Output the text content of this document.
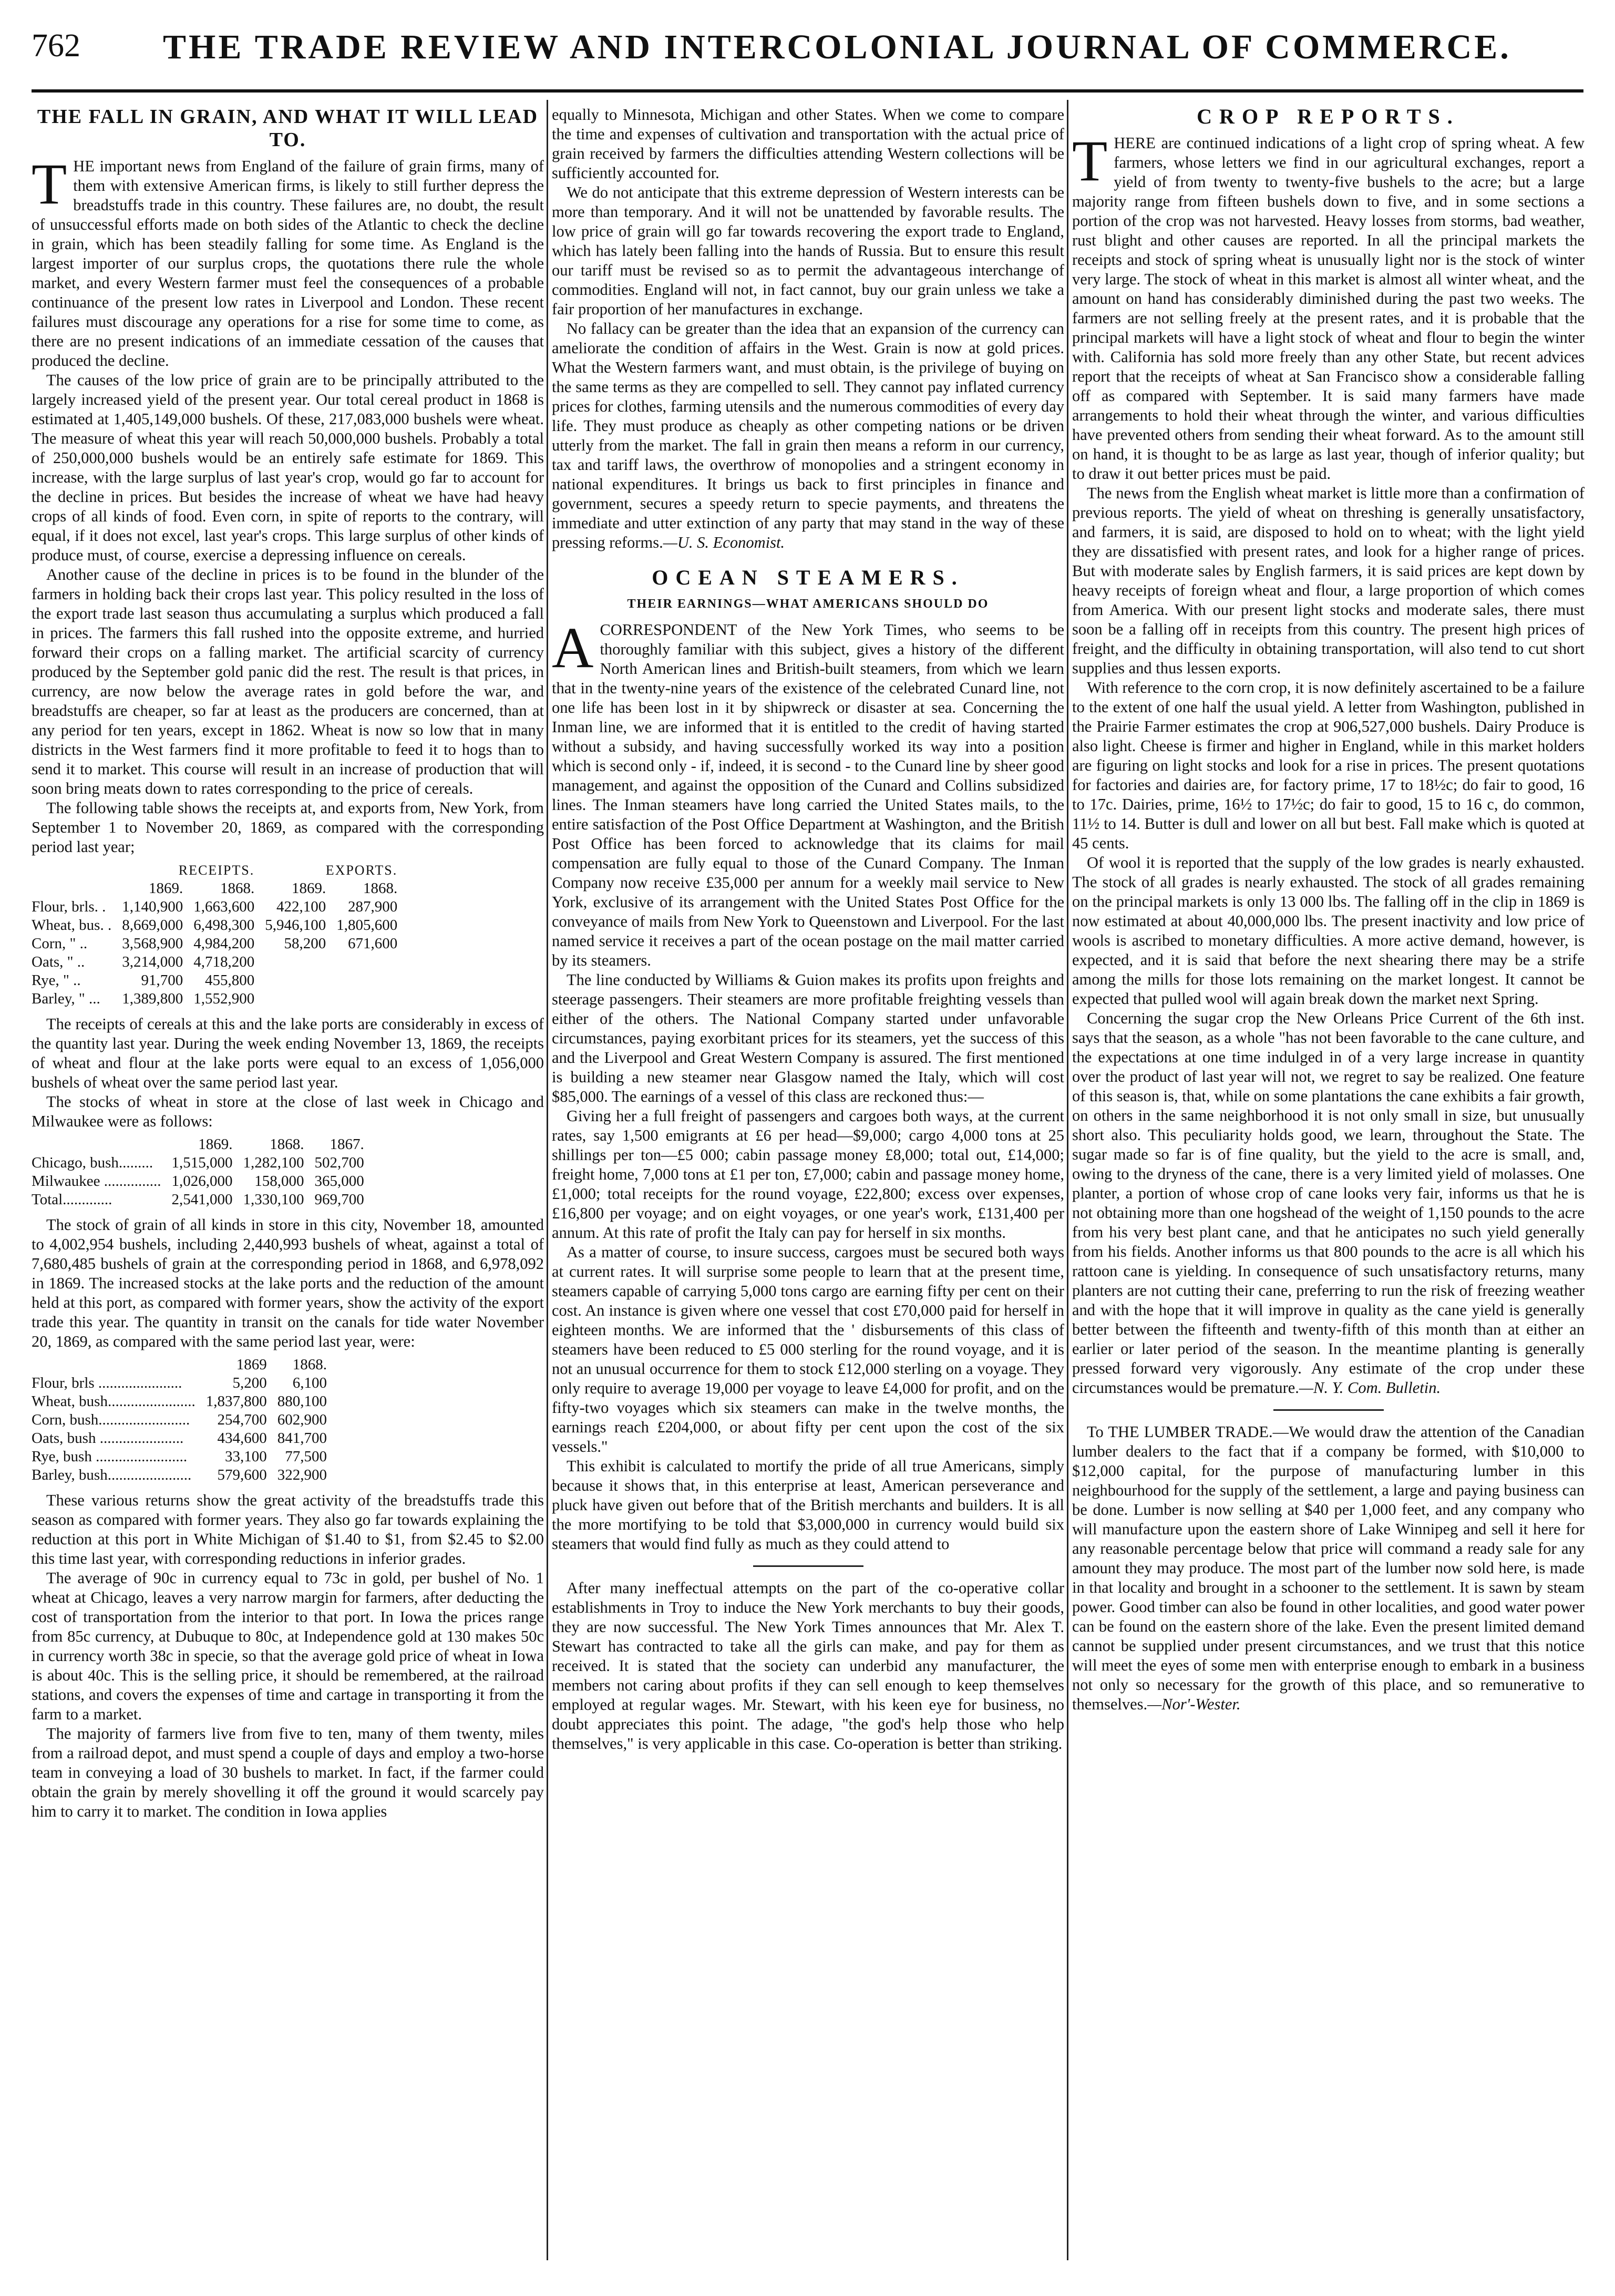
762 THE TRADE REVIEW AND INTERCOLONIAL JOURNAL OF COMMERCE.
THE FALL IN GRAIN, AND WHAT IT WILL LEAD TO.

THE important news from England of the failure of grain firms, many of them with extensive American firms, is likely to still further depress the breadstuffs trade in this country. These failures are, no doubt, the result of unsuccessful efforts made on both sides of the Atlantic to check the decline in grain, which has been steadily falling for some time. As England is the largest importer of our surplus crops, the quotations there rule the whole market, and every Western farmer must feel the consequences of a probable continuance of the present low rates in Liverpool and London. These recent failures must discourage any operations for a rise for some time to come, as there are no present indications of an immediate cessation of the causes that produced the decline.

The causes of the low price of grain are to be principally attributed to the largely increased yield of the present year. Our total cereal product in 1868 is estimated at 1,405,149,000 bushels. Of these, 217,083,000 bushels were wheat. The measure of wheat this year will reach 50,000,000 bushels. Probably a total of 250,000,000 bushels would be an entirely safe estimate for 1869. This increase, with the large surplus of last year's crop, would go far to account for the decline in prices. But besides the increase of wheat we have had heavy crops of all kinds of food. Even corn, in spite of reports to the contrary, will equal, if it does not excel, last year's crops. This large surplus of other kinds of produce must, of course, exercise a depressing influence on cereals.

Another cause of the decline in prices is to be found in the blunder of the farmers in holding back their crops last year. This policy resulted in the loss of the export trade last season thus accumulating a surplus which produced a fall in prices. The farmers this fall rushed into the opposite extreme, and hurried forward their crops on a falling market. The artificial scarcity of currency produced by the September gold panic did the rest. The result is that prices, in currency, are now below the average rates in gold before the war, and breadstuffs are cheaper, so far at least as the producers are concerned, than at any period for ten years, except in 1862. Wheat is now so low that in many districts in the West farmers find it more profitable to feed it to hogs than to send it to market. This course will result in an increase of production that will soon bring meats down to rates corresponding to the price of cereals.

The following table shows the receipts at, and exports from, New York, from September 1 to November 20, 1869, as compared with the corresponding period last year;

	RECEIPTS.		EXPORTS.	
	1869.	1868.	1869.	1868.
Flour, brls. .	1,140,900	1,663,600	422,100	287,900
Wheat, bus. .	8,669,000	6,498,300	5,946,100	1,805,600
Corn, " ..	3,568,900	4,984,200	58,200	671,600
Oats, " ..	3,214,000	4,718,200		
Rye, " ..	91,700	455,800		
Barley, " ...	1,389,800	1,552,900		

The receipts of cereals at this and the lake ports are considerably in excess of the quantity last year. During the week ending November 13, 1869, the receipts of wheat and flour at the lake ports were equal to an excess of 1,056,000 bushels of wheat over the same period last year.

The stocks of wheat in store at the close of last week in Chicago and Milwaukee were as follows:

	1869.	1868.	1867.
Chicago, bush.........	1,515,000	1,282,100	502,700
Milwaukee ...............	1,026,000	158,000	365,000
Total.............	2,541,000	1,330,100	969,700

The stock of grain of all kinds in store in this city, November 18, amounted to 4,002,954 bushels, including 2,440,993 bushels of wheat, against a total of 7,680,485 bushels of grain at the corresponding period in 1868, and 6,978,092 in 1869. The increased stocks at the lake ports and the reduction of the amount held at this port, as compared with former years, show the activity of the export trade this year. The quantity in transit on the canals for tide water November 20, 1869, as compared with the same period last year, were:

	1869	1868.
Flour, brls ......................	5,200	6,100
Wheat, bush.......................	1,837,800	880,100
Corn, bush........................	254,700	602,900
Oats, bush ......................	434,600	841,700
Rye, bush ........................	33,100	77,500
Barley, bush......................	579,600	322,900

These various returns show the great activity of the breadstuffs trade this season as compared with former years. They also go far towards explaining the reduction at this port in White Michigan of $1.40 to $1, from $2.45 to $2.00 this time last year, with corresponding reductions in inferior grades.

The average of 90c in currency equal to 73c in gold, per bushel of No. 1 wheat at Chicago, leaves a very narrow margin for farmers, after deducting the cost of transportation from the interior to that port. In Iowa the prices range from 85c currency, at Dubuque to 80c, at Independence gold at 130 makes 50c in currency worth 38c in specie, so that the average gold price of wheat in Iowa is about 40c. This is the selling price, it should be remembered, at the railroad stations, and covers the expenses of time and cartage in transporting it from the farm to a market.

The majority of farmers live from five to ten, many of them twenty, miles from a railroad depot, and must spend a couple of days and employ a two-horse team in conveying a load of 30 bushels to market. In fact, if the farmer could obtain the grain by merely shovelling it off the ground it would scarcely pay him to carry it to market. The condition in Iowa applies

equally to Minnesota, Michigan and other States. When we come to compare the time and expenses of cultivation and transportation with the actual price of grain received by farmers the difficulties attending Western collections will be sufficiently accounted for.

We do not anticipate that this extreme depression of Western interests can be more than temporary. And it will not be unattended by favorable results. The low price of grain will go far towards recovering the export trade to England, which has lately been falling into the hands of Russia. But to ensure this result our tariff must be revised so as to permit the advantageous interchange of commodities. England will not, in fact cannot, buy our grain unless we take a fair proportion of her manufactures in exchange.

No fallacy can be greater than the idea that an expansion of the currency can ameliorate the condition of affairs in the West. Grain is now at gold prices. What the Western farmers want, and must obtain, is the privilege of buying on the same terms as they are compelled to sell. They cannot pay inflated currency prices for clothes, farming utensils and the numerous commodities of every day life. They must produce as cheaply as other competing nations or be driven utterly from the market. The fall in grain then means a reform in our currency, tax and tariff laws, the overthrow of monopolies and a stringent economy in national expenditures. It brings us back to first principles in finance and government, secures a speedy return to specie payments, and threatens the immediate and utter extinction of any party that may stand in the way of these pressing reforms.—U. S. Economist.

OCEAN STEAMERS.
THEIR EARNINGS—WHAT AMERICANS SHOULD DO

ACORRESPONDENT of the New York Times, who seems to be thoroughly familiar with this subject, gives a history of the different North American lines and British-built steamers, from which we learn that in the twenty-nine years of the existence of the celebrated Cunard line, not one life has been lost in it by shipwreck or disaster at sea. Concerning the Inman line, we are informed that it is entitled to the credit of having started without a subsidy, and having successfully worked its way into a position which is second only - if, indeed, it is second - to the Cunard line by sheer good management, and against the opposition of the Cunard and Collins subsidized lines. The Inman steamers have long carried the United States mails, to the entire satisfaction of the Post Office Department at Washington, and the British Post Office has been forced to acknowledge that its claims for mail compensation are fully equal to those of the Cunard Company. The Inman Company now receive £35,000 per annum for a weekly mail service to New York, exclusive of its arrangement with the United States Post Office for the conveyance of mails from New York to Queenstown and Liverpool. For the last named service it receives a part of the ocean postage on the mail matter carried by its steamers.

The line conducted by Williams & Guion makes its profits upon freights and steerage passengers. Their steamers are more profitable freighting vessels than either of the others. The National Company started under unfavorable circumstances, paying exorbitant prices for its steamers, yet the success of this and the Liverpool and Great Western Company is assured. The first mentioned is building a new steamer near Glasgow named the Italy, which will cost $85,000. The earnings of a vessel of this class are reckoned thus:—

Giving her a full freight of passengers and cargoes both ways, at the current rates, say 1,500 emigrants at £6 per head—$9,000; cargo 4,000 tons at 25 shillings per ton—£5 000; cabin passage money £8,000; total out, £14,000; freight home, 7,000 tons at £1 per ton, £7,000; cabin and passage money home, £1,000; total receipts for the round voyage, £22,800; excess over expenses, £16,800 per voyage; and on eight voyages, or one year's work, £131,400 per annum. At this rate of profit the Italy can pay for herself in six months.

As a matter of course, to insure success, cargoes must be secured both ways at current rates. It will surprise some people to learn that at the present time, steamers capable of carrying 5,000 tons cargo are earning fifty per cent on their cost. An instance is given where one vessel that cost £70,000 paid for herself in eighteen months. We are informed that the ' disbursements of this class of steamers have been reduced to £5 000 sterling for the round voyage, and it is not an unusual occurrence for them to stock £12,000 sterling on a voyage. They only require to average 19,000 per voyage to leave £4,000 for profit, and on the fifty-two voyages which six steamers can make in the twelve months, the earnings reach £204,000, or about fifty per cent upon the cost of the six vessels."

This exhibit is calculated to mortify the pride of all true Americans, simply because it shows that, in this enterprise at least, American perseverance and pluck have given out before that of the British merchants and builders. It is all the more mortifying to be told that $3,000,000 in currency would build six steamers that would find fully as much as they could attend to

After many ineffectual attempts on the part of the co-operative collar establishments in Troy to induce the New York merchants to buy their goods, they are now successful. The New York Times announces that Mr. Alex T. Stewart has contracted to take all the girls can make, and pay for them as received. It is stated that the society can underbid any manufacturer, the members not caring about profits if they can sell enough to keep themselves employed at regular wages. Mr. Stewart, with his keen eye for business, no doubt appreciates this point. The adage, "the god's help those who help themselves," is very applicable in this case. Co-operation is better than striking.

CROP REPORTS.

THERE are continued indications of a light crop of spring wheat. A few farmers, whose letters we find in our agricultural exchanges, report a yield of from twenty to twenty-five bushels to the acre; but a large majority range from fifteen bushels down to five, and in some sections a portion of the crop was not harvested. Heavy losses from storms, bad weather, rust blight and other causes are reported. In all the principal markets the receipts and stock of spring wheat is unusually light nor is the stock of winter very large. The stock of wheat in this market is almost all winter wheat, and the amount on hand has considerably diminished during the past two weeks. The farmers are not selling freely at the present rates, and it is probable that the principal markets will have a light stock of wheat and flour to begin the winter with. California has sold more freely than any other State, but recent advices report that the receipts of wheat at San Francisco show a considerable falling off as compared with September. It is said many farmers have made arrangements to hold their wheat through the winter, and various difficulties have prevented others from sending their wheat forward. As to the amount still on hand, it is thought to be as large as last year, though of inferior quality; but to draw it out better prices must be paid.

The news from the English wheat market is little more than a confirmation of previous reports. The yield of wheat on threshing is generally unsatisfactory, and farmers, it is said, are disposed to hold on to wheat; with the light yield they are dissatisfied with present rates, and look for a higher range of prices. But with moderate sales by English farmers, it is said prices are kept down by heavy receipts of foreign wheat and flour, a large proportion of which comes from America. With our present light stocks and moderate sales, there must soon be a falling off in receipts from this country. The present high prices of freight, and the difficulty in obtaining transportation, will also tend to cut short supplies and thus lessen exports.

With reference to the corn crop, it is now definitely ascertained to be a failure to the extent of one half the usual yield. A letter from Washington, published in the Prairie Farmer estimates the crop at 906,527,000 bushels. Dairy Produce is also light. Cheese is firmer and higher in England, while in this market holders are figuring on light stocks and look for a rise in prices. The present quotations for factories and dairies are, for factory prime, 17 to 18½c; do fair to good, 16 to 17c. Dairies, prime, 16½ to 17½c; do fair to good, 15 to 16 c, do common, 11½ to 14. Butter is dull and lower on all but best. Fall make which is quoted at 45 cents.

Of wool it is reported that the supply of the low grades is nearly exhausted. The stock of all grades is nearly exhausted. The stock of all grades remaining on the principal markets is only 13 000 lbs. The falling off in the clip in 1869 is now estimated at about 40,000,000 lbs. The present inactivity and low price of wools is ascribed to monetary difficulties. A more active demand, however, is expected, and it is said that before the next shearing there may be a strife among the mills for those lots remaining on the market longest. It cannot be expected that pulled wool will again break down the market next Spring.

Concerning the sugar crop the New Orleans Price Current of the 6th inst. says that the season, as a whole "has not been favorable to the cane culture, and the expectations at one time indulged in of a very large increase in quantity over the product of last year will not, we regret to say be realized. One feature of this season is, that, while on some plantations the cane exhibits a fair growth, on others in the same neighborhood it is not only small in size, but unusually short also. This peculiarity holds good, we learn, throughout the State. The sugar made so far is of fine quality, but the yield to the acre is small, and, owing to the dryness of the cane, there is a very limited yield of molasses. One planter, a portion of whose crop of cane looks very fair, informs us that he is not obtaining more than one hogshead of the weight of 1,150 pounds to the acre from his very best plant cane, and that he anticipates no such yield generally from his fields. Another informs us that 800 pounds to the acre is all which his rattoon cane is yielding. In consequence of such unsatisfactory returns, many planters are not cutting their cane, preferring to run the risk of freezing weather and with the hope that it will improve in quality as the cane yield is generally better between the fifteenth and twenty-fifth of this month than at either an earlier or later period of the season. In the meantime planting is generally pressed forward very vigorously. Any estimate of the crop under these circumstances would be premature.—N. Y. Com. Bulletin.

To THE LUMBER TRADE.—We would draw the attention of the Canadian lumber dealers to the fact that if a company be formed, with $10,000 to $12,000 capital, for the purpose of manufacturing lumber in this neighbourhood for the supply of the settlement, a large and paying business can be done. Lumber is now selling at $40 per 1,000 feet, and any company who will manufacture upon the eastern shore of Lake Winnipeg and sell it here for any reasonable percentage below that price will command a ready sale for any amount they may produce. The most part of the lumber now sold here, is made in that locality and brought in a schooner to the settlement. It is sawn by steam power. Good timber can also be found in other localities, and good water power can be found on the eastern shore of the lake. Even the present limited demand cannot be supplied under present circumstances, and we trust that this notice will meet the eyes of some men with enterprise enough to embark in a business not only so necessary for the growth of this place, and so remunerative to themselves.—Nor'-Wester.
